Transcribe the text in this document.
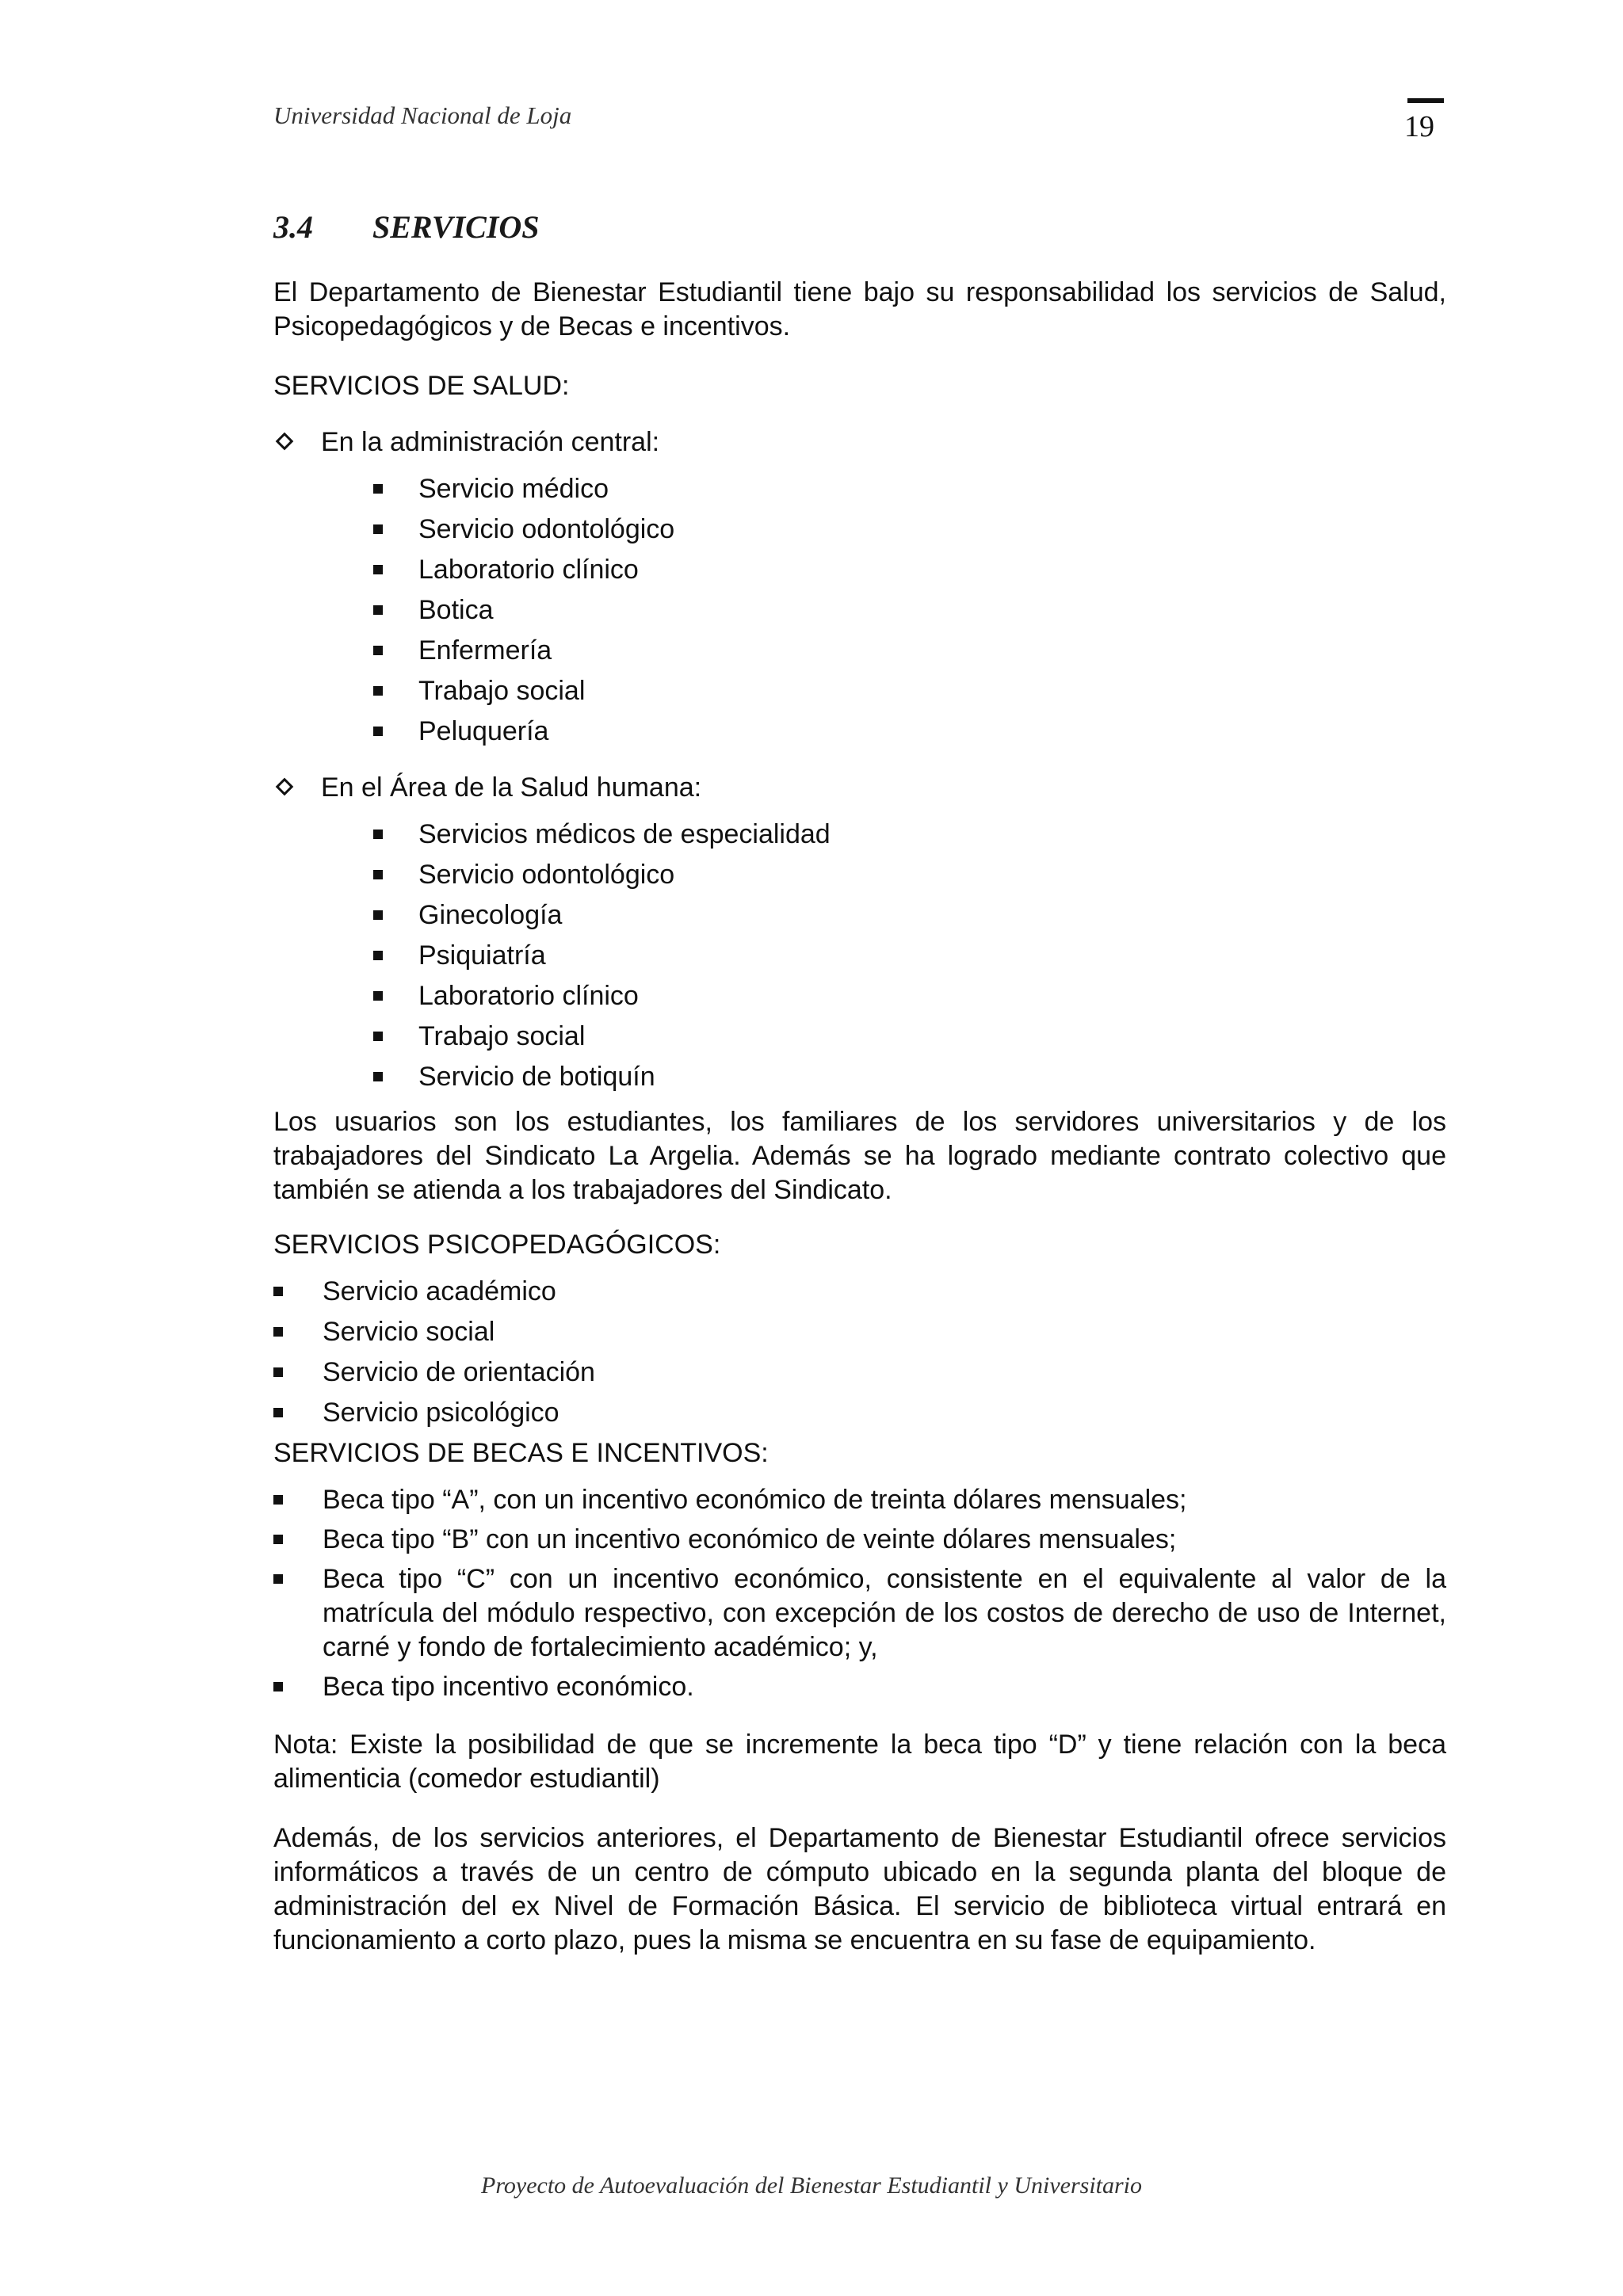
Universidad Nacional de Loja	19
3.4 SERVICIOS

El Departamento de Bienestar Estudiantil tiene bajo su responsabilidad los servicios de Salud, Psicopedagógicos y de Becas e incentivos.

SERVICIOS DE SALUD:

En la administración central:
Servicio médico
Servicio odontológico
Laboratorio clínico
Botica
Enfermería
Trabajo social
Peluquería
En el Área de la Salud humana:
Servicios médicos de especialidad
Servicio odontológico
Ginecología
Psiquiatría
Laboratorio clínico
Trabajo social
Servicio de botiquín

Los usuarios son los estudiantes, los familiares de los servidores universitarios y de los trabajadores del Sindicato La Argelia. Además se ha logrado mediante contrato colectivo que también se atienda a los trabajadores del Sindicato.

SERVICIOS PSICOPEDAGÓGICOS:

Servicio académico
Servicio social
Servicio de orientación
Servicio psicológico

SERVICIOS DE BECAS E INCENTIVOS:

Beca tipo “A”, con un incentivo económico de treinta dólares mensuales;
Beca tipo “B” con un incentivo económico de veinte dólares mensuales;
Beca tipo “C” con un incentivo económico, consistente en el equivalente al valor de la matrícula del módulo respectivo, con excepción de los costos de derecho de uso de Internet, carné y fondo de fortalecimiento académico; y,
Beca tipo incentivo económico.

Nota: Existe la posibilidad de que se incremente la beca tipo “D” y tiene relación con la beca alimenticia (comedor estudiantil)

Además, de los servicios anteriores, el Departamento de Bienestar Estudiantil ofrece servicios informáticos a través de un centro de cómputo ubicado en la segunda planta del bloque de administración del ex Nivel de Formación Básica. El servicio de biblioteca virtual entrará en funcionamiento a corto plazo, pues la misma se encuentra en su fase de equipamiento.

Proyecto de Autoevaluación del Bienestar Estudiantil y Universitario
